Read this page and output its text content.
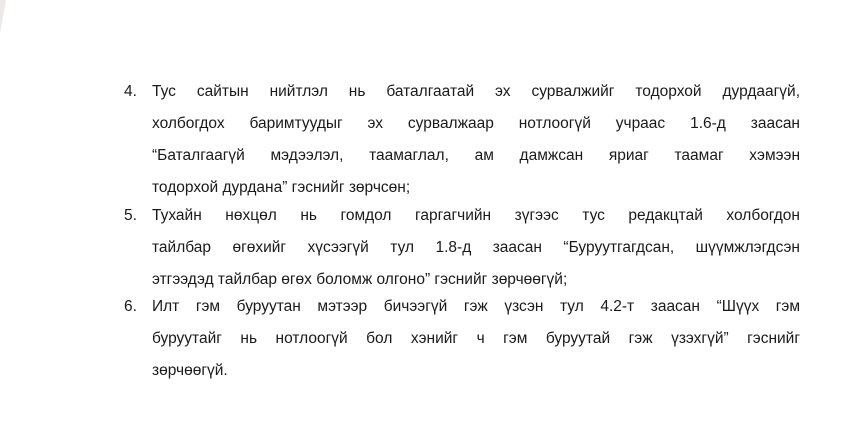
4. Тус сайтын нийтлэл нь баталгаатай эх сурвалжийг тодорхой дурдаагүй,
холбогдох баримтуудыг эх сурвалжаар нотлоогүй учраас 1.6-д заасан
“Баталгаагүй мэдээлэл, таамаглал, ам дамжсан яриаг таамаг хэмээн
тодорхой дурдана” гэснийг зөрчсөн;
5. Тухайн нөхцөл нь гомдол гаргагчийн зүгээс тус редакцтай холбогдон
тайлбар өгөхийг хүсээгүй тул 1.8-д заасан “Буруутгагдсан, шүүмжлэгдсэн
этгээдэд тайлбар өгөх боломж олгоно” гэснийг зөрчөөгүй;
6. Илт гэм буруутан мэтээр бичээгүй гэж үзсэн тул 4.2-т заасан “Шүүх гэм
буруутайг нь нотлоогүй бол хэнийг ч гэм буруутай гэж үзэхгүй” гэснийг
зөрчөөгүй.
